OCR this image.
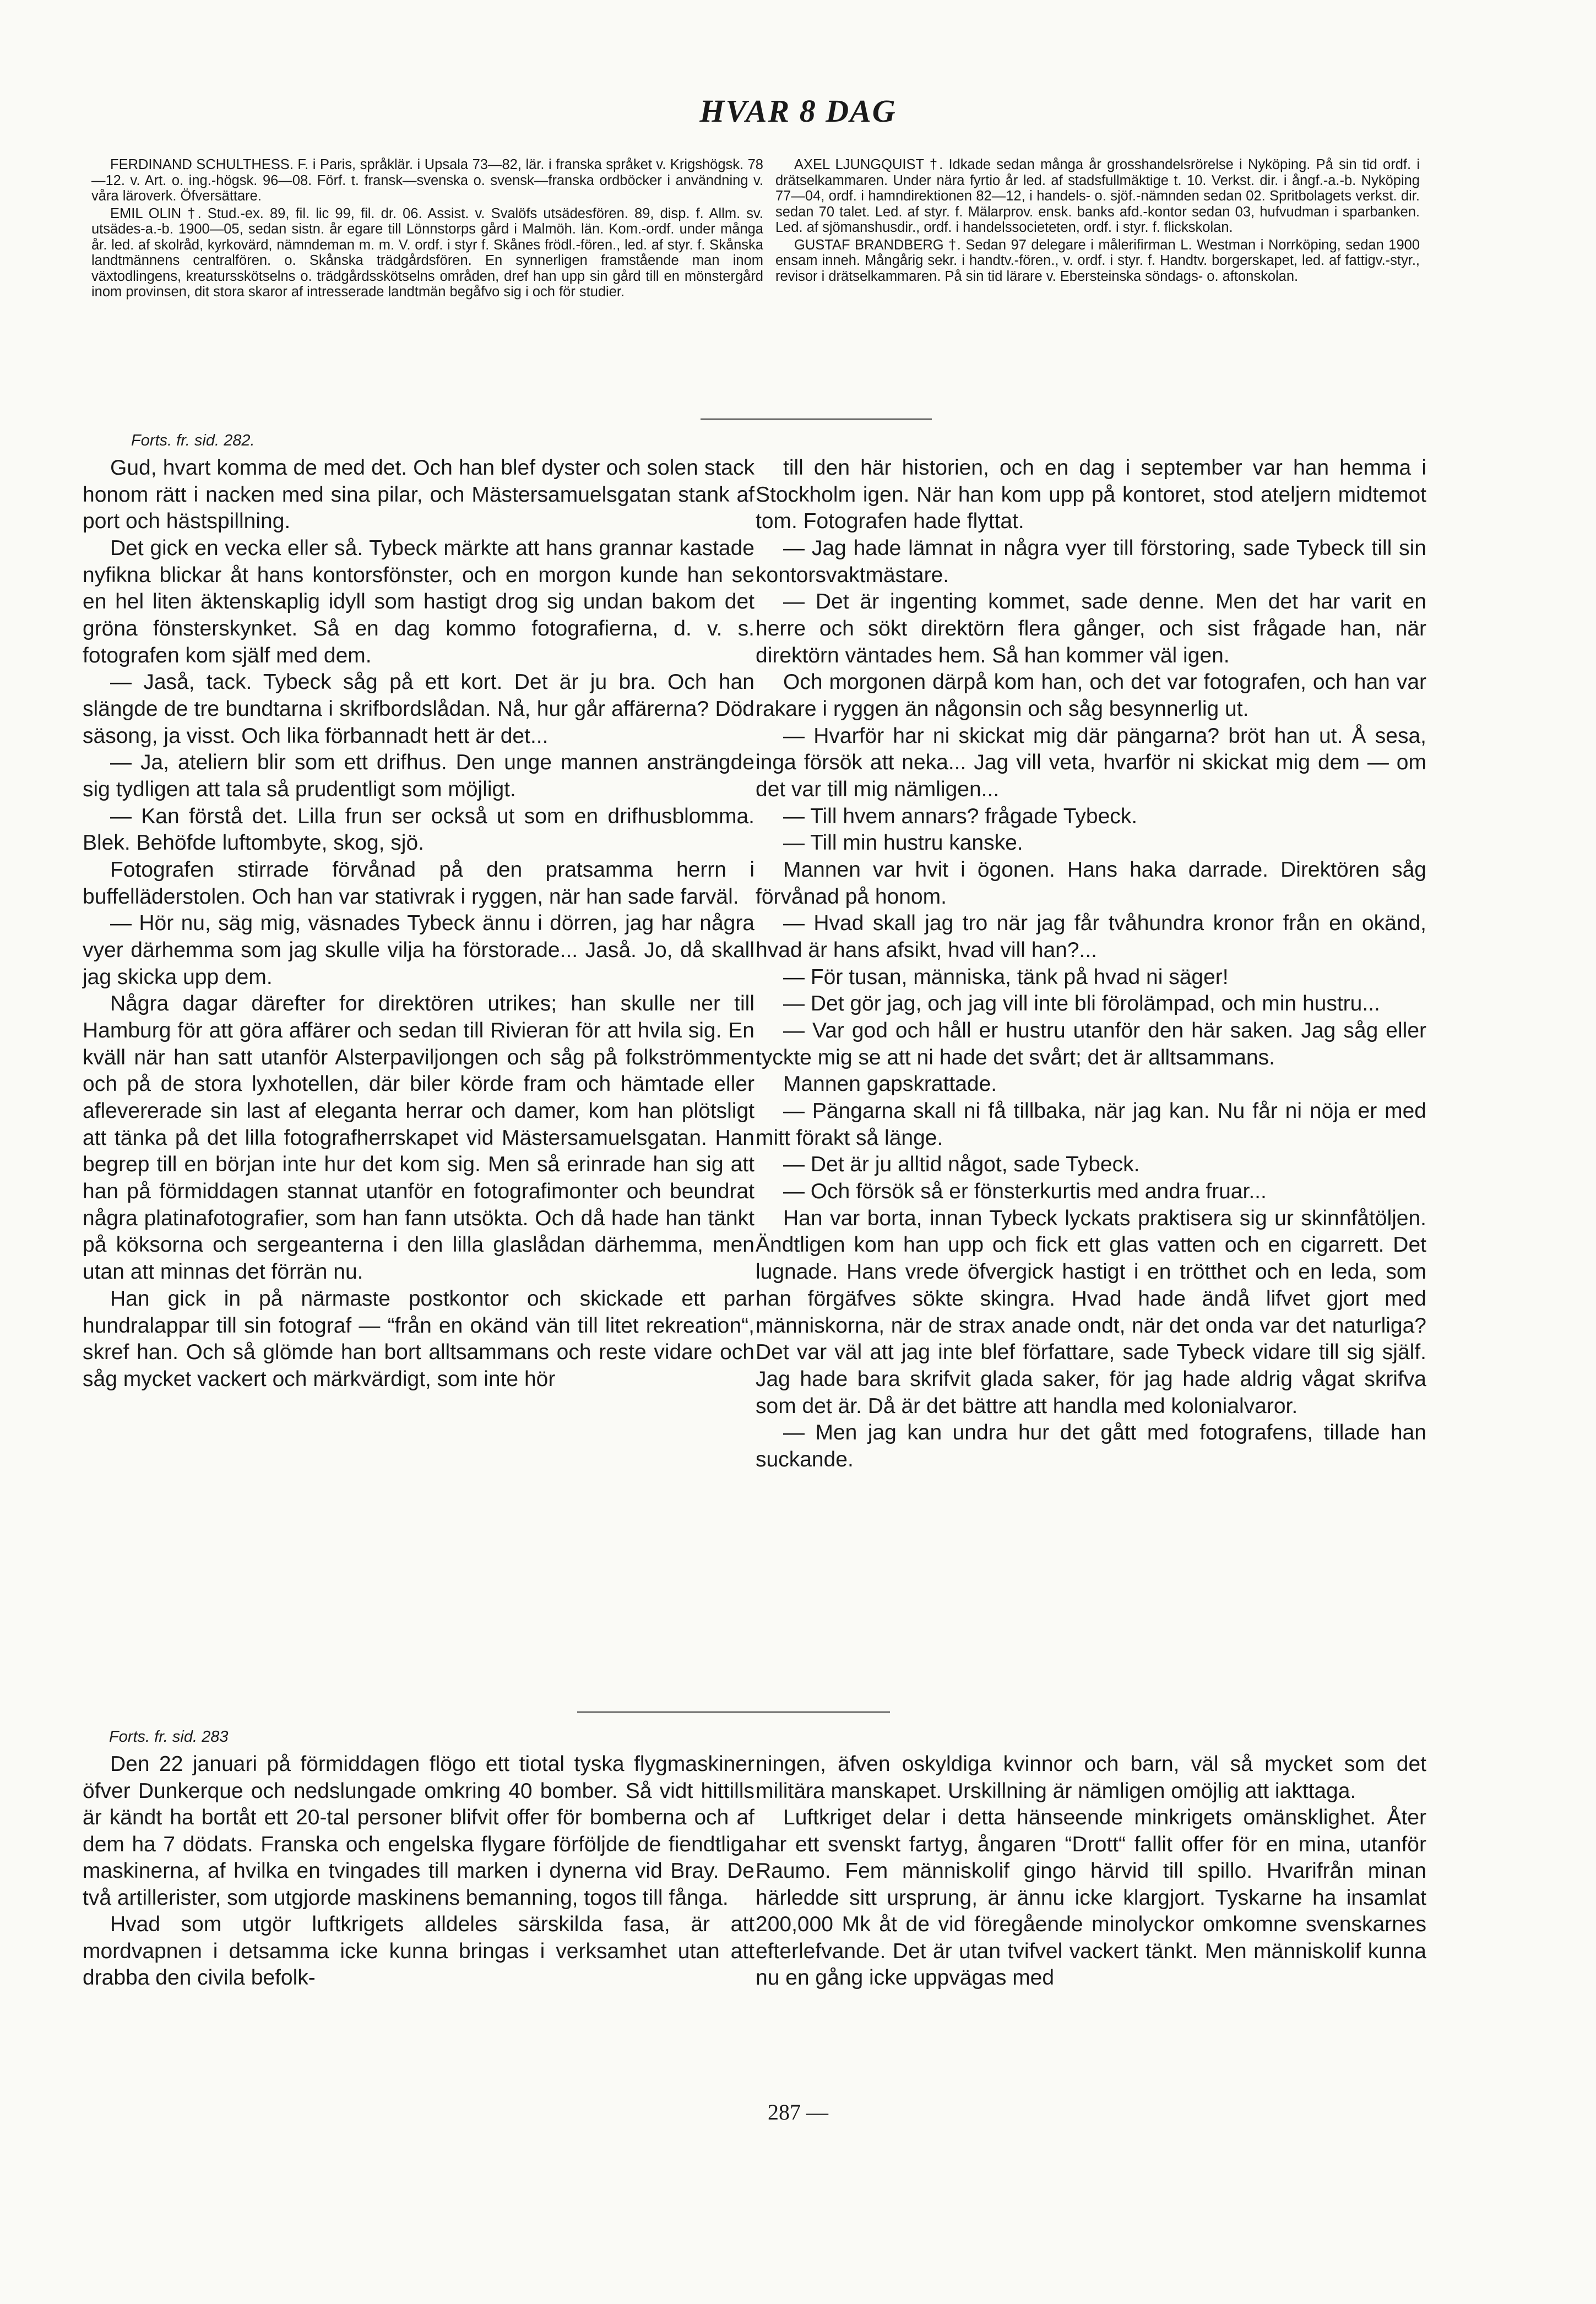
HVAR 8 DAG

FERDINAND SCHULTHESS. F. i Paris, språklär. i Upsala 73—82, lär. i franska språket v. Krigshögsk. 78—12. v. Art. o. ing.-högsk. 96—08. Förf. t. fransk—svenska o. svensk—franska ordböcker i användning v. våra läroverk. Öfversättare.

EMIL OLIN †. Stud.-ex. 89, fil. lic 99, fil. dr. 06. Assist. v. Svalöfs utsädesfören. 89, disp. f. Allm. sv. utsädes-a.-b. 1900—05, sedan sistn. år egare till Lönnstorps gård i Malmöh. län. Kom.-ordf. under många år. led. af skolråd, kyrkovärd, nämndeman m. m. V. ordf. i styr f. Skånes frödl.-fören., led. af styr. f. Skånska landtmännens centralfören. o. Skånska trädgårdsfören. En synnerligen framstående man inom växtodlingens, kreatursskötselns o. trädgårdsskötselns områden, dref han upp sin gård till en mönstergård inom provinsen, dit stora skaror af intresserade landtmän begåfvo sig i och för studier.

AXEL LJUNGQUIST †. Idkade sedan många år grosshandelsrörelse i Nyköping. På sin tid ordf. i drätselkammaren. Under nära fyrtio år led. af stadsfullmäktige t. 10. Verkst. dir. i ångf.-a.-b. Nyköping 77—04, ordf. i hamndirektionen 82—12, i handels- o. sjöf.-nämnden sedan 02. Spritbolagets verkst. dir. sedan 70 talet. Led. af styr. f. Mälarprov. ensk. banks afd.-kontor sedan 03, hufvudman i sparbanken. Led. af sjömanshusdir., ordf. i handelssocieteten, ordf. i styr. f. flickskolan.

GUSTAF BRANDBERG †. Sedan 97 delegare i målerifirman L. Westman i Norrköping, sedan 1900 ensam inneh. Mångårig sekr. i handtv.-fören., v. ordf. i styr. f. Handtv. borgerskapet, led. af fattigv.-styr., revisor i drätselkammaren. På sin tid lärare v. Ebersteinska söndags- o. aftonskolan.

Forts. fr. sid. 282.

Gud, hvart komma de med det. Och han blef dyster och solen stack honom rätt i nacken med sina pilar, och Mästersamuelsgatan stank af port och hästspillning.

Det gick en vecka eller så. Tybeck märkte att hans grannar kastade nyfikna blickar åt hans kontorsfönster, och en morgon kunde han se en hel liten äktenskaplig idyll som hastigt drog sig undan bakom det gröna fönsterskynket. Så en dag kommo fotografierna, d. v. s. fotografen kom själf med dem.

— Jaså, tack. Tybeck såg på ett kort. Det är ju bra. Och han slängde de tre bundtarna i skrifbordslådan. Nå, hur går affärerna? Död säsong, ja visst. Och lika förbannadt hett är det...

— Ja, ateliern blir som ett drifhus. Den unge mannen ansträngde sig tydligen att tala så prudentligt som möjligt.

— Kan förstå det. Lilla frun ser också ut som en drifhusblomma. Blek. Behöfde luftombyte, skog, sjö.

Fotografen stirrade förvånad på den pratsamma herrn i buffelläderstolen. Och han var stativrak i ryggen, när han sade farväl.

— Hör nu, säg mig, väsnades Tybeck ännu i dörren, jag har några vyer därhemma som jag skulle vilja ha förstorade... Jaså. Jo, då skall jag skicka upp dem.

Några dagar därefter for direktören utrikes; han skulle ner till Hamburg för att göra affärer och sedan till Rivieran för att hvila sig. En kväll när han satt utanför Alsterpaviljongen och såg på folkströmmen och på de stora lyxhotellen, där biler körde fram och hämtade eller aflevererade sin last af eleganta herrar och damer, kom han plötsligt att tänka på det lilla fotografherrskapet vid Mästersamuelsgatan. Han begrep till en början inte hur det kom sig. Men så erinrade han sig att han på förmiddagen stannat utanför en fotografimonter och beundrat några platinafotografier, som han fann utsökta. Och då hade han tänkt på köksorna och sergeanterna i den lilla glaslådan därhemma, men utan att minnas det förrän nu.

Han gick in på närmaste postkontor och skickade ett par hundralappar till sin fotograf — “från en okänd vän till litet rekreation“, skref han. Och så glömde han bort alltsammans och reste vidare och såg mycket vackert och märkvärdigt, som inte hör

till den här historien, och en dag i september var han hemma i Stockholm igen. När han kom upp på kontoret, stod ateljern midtemot tom. Fotografen hade flyttat.

— Jag hade lämnat in några vyer till förstoring, sade Tybeck till sin kontorsvaktmästare.

— Det är ingenting kommet, sade denne. Men det har varit en herre och sökt direktörn flera gånger, och sist frågade han, när direktörn väntades hem. Så han kommer väl igen.

Och morgonen därpå kom han, och det var fotografen, och han var rakare i ryggen än någonsin och såg besynnerlig ut.

— Hvarför har ni skickat mig där pängarna? bröt han ut. Å sesa, inga försök att neka... Jag vill veta, hvarför ni skickat mig dem — om det var till mig nämligen...

— Till hvem annars? frågade Tybeck.

— Till min hustru kanske.

Mannen var hvit i ögonen. Hans haka darrade. Direktören såg förvånad på honom.

— Hvad skall jag tro när jag får tvåhundra kronor från en okänd, hvad är hans afsikt, hvad vill han?...

— För tusan, människa, tänk på hvad ni säger!

— Det gör jag, och jag vill inte bli förolämpad, och min hustru...

— Var god och håll er hustru utanför den här saken. Jag såg eller tyckte mig se att ni hade det svårt; det är alltsammans.

Mannen gapskrattade.

— Pängarna skall ni få tillbaka, när jag kan. Nu får ni nöja er med mitt förakt så länge.

— Det är ju alltid något, sade Tybeck.

— Och försök så er fönsterkurtis med andra fruar...

Han var borta, innan Tybeck lyckats praktisera sig ur skinnfåtöljen. Ändtligen kom han upp och fick ett glas vatten och en cigarrett. Det lugnade. Hans vrede öfvergick hastigt i en trötthet och en leda, som han förgäfves sökte skingra. Hvad hade ändå lifvet gjort med människorna, när de strax anade ondt, när det onda var det naturliga? Det var väl att jag inte blef författare, sade Tybeck vidare till sig själf. Jag hade bara skrifvit glada saker, för jag hade aldrig vågat skrifva som det är. Då är det bättre att handla med kolonialvaror.

— Men jag kan undra hur det gått med fotografens, tillade han suckande.

Forts. fr. sid. 283

Den 22 januari på förmiddagen flögo ett tiotal tyska flygmaskiner öfver Dunkerque och nedslungade omkring 40 bomber. Så vidt hittills är kändt ha bortåt ett 20-tal personer blifvit offer för bomberna och af dem ha 7 dödats. Franska och engelska flygare förföljde de fiendtliga maskinerna, af hvilka en tvingades till marken i dynerna vid Bray. De två artillerister, som utgjorde maskinens bemanning, togos till fånga.

Hvad som utgör luftkrigets alldeles särskilda fasa, är att mordvapnen i detsamma icke kunna bringas i verksamhet utan att drabba den civila befolk-

ningen, äfven oskyldiga kvinnor och barn, väl så mycket som det militära manskapet. Urskillning är nämligen omöjlig att iakttaga.

Luftkriget delar i detta hänseende minkrigets omänsklighet. Åter har ett svenskt fartyg, ångaren “Drott“ fallit offer för en mina, utanför Raumo. Fem människolif gingo härvid till spillo. Hvarifrån minan härledde sitt ursprung, är ännu icke klargjort. Tyskarne ha insamlat 200,000 Mk åt de vid föregående minolyckor omkomne svenskarnes efterlefvande. Det är utan tvifvel vackert tänkt. Men människolif kunna nu en gång icke uppvägas med

287 —
